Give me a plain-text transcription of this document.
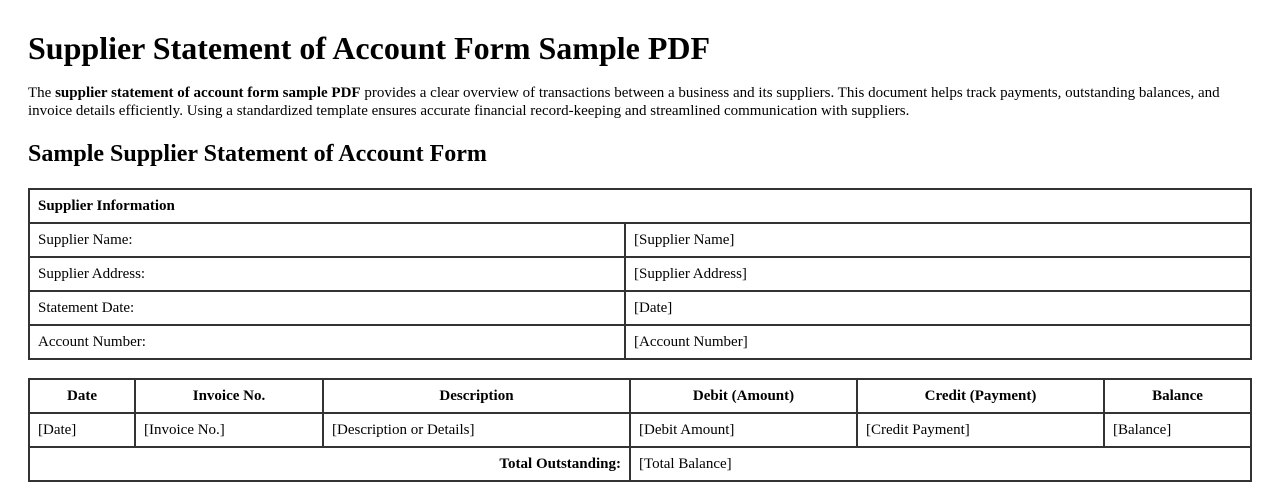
Supplier Statement of Account Form Sample PDF

The supplier statement of account form sample PDF provides a clear overview of transactions between a business and its suppliers. This document helps track payments, outstanding balances, and invoice details efficiently. Using a standardized template ensures accurate financial record-keeping and streamlined communication with suppliers.

Sample Supplier Statement of Account Form
Supplier Information	
Supplier Name:	[Supplier Name]
Supplier Address:	[Supplier Address]
Statement Date:	[Date]
Account Number:	[Account Number]
Date	Invoice No.	Description	Debit (Amount)	Credit (Payment)	Balance
[Date]	[Invoice No.]	[Description or Details]	[Debit Amount]	[Credit Payment]	[Balance]
Total Outstanding:			[Total Balance]		
